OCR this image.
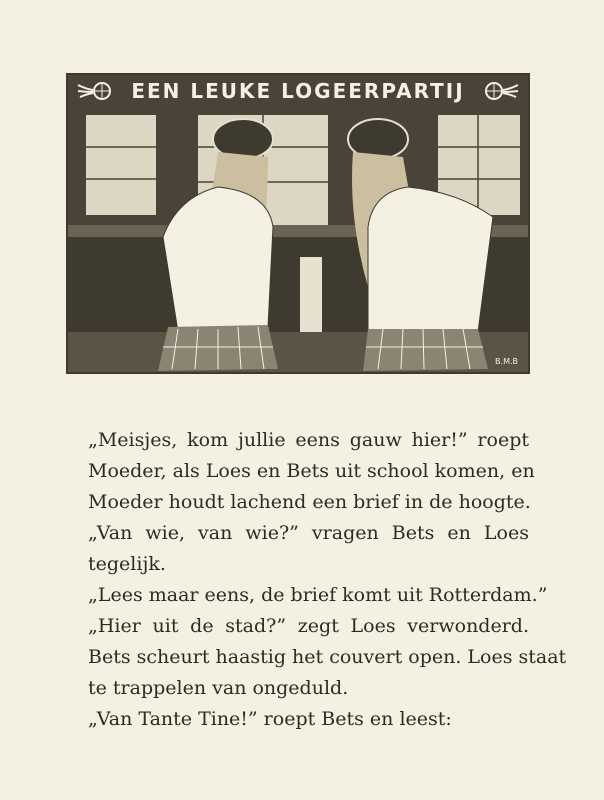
EEN LEUKE LOGEERPARTIJ
B.M.B
„Meisjes, kom jullie eens gauw hier!” roept
Moeder, als Loes en Bets uit school komen, en
Moeder houdt lachend een brief in de hoogte.
„Van wie, van wie?” vragen Bets en Loes
tegelijk.
„Lees maar eens, de brief komt uit Rotterdam.”
„Hier uit de stad?” zegt Loes verwonderd.
Bets scheurt haastig het couvert open. Loes staat
te trappelen van ongeduld.
„Van Tante Tine!” roept Bets en leest:
